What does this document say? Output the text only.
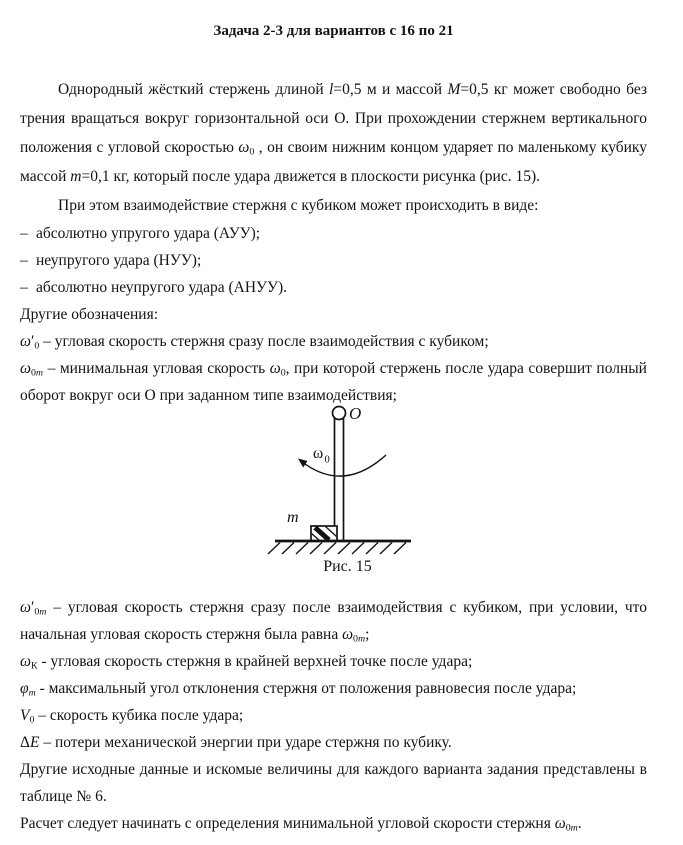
Задача 2-3 для вариантов с 16 по 21

Однородный жёсткий стержень длиной l=0,5 м и массой M=0,5 кг может свободно без трения вращаться вокруг горизонтальной оси О. При прохождении стержнем вертикального положения с угловой скоростью $\omega_0$ , он своим нижним концом ударяет по маленькому кубику массой m=0,1 кг, который после удара движется в плоскости рисунка (рис. 15).

При этом взаимодействие стержня с кубиком может происходить в виде:

– абсолютно упругого удара (АУУ);
– неупругого удара (НУУ);
– абсолютно неупругого удара (АНУУ).

Другие обозначения:

$\omega'_0$ – угловая скорость стержня сразу после взаимодействия с кубиком;

$\omega_{0m}$ – минимальная угловая скорость $\omega_0$, при которой стержень после удара совершит полный оборот вокруг оси О при заданном типе взаимодействия;

O
ω 0
m
Рис. 15

$\omega'_{0m}$ – угловая скорость стержня сразу после взаимодействия с кубиком, при условии, что начальная угловая скорость стержня была равна $\omega_{0m}$;

$\omega_К$ - угловая скорость стержня в крайней верхней точке после удара;

$\varphi_m$ - максимальный угол отклонения стержня от положения равновесия после удара;

$V_0$ – скорость кубика после удара;

ΔE – потери механической энергии при ударе стержня по кубику.

Другие исходные данные и искомые величины для каждого варианта задания представлены в таблице № 6.

Расчет следует начинать с определения минимальной угловой скорости стержня $\omega_{0m}$.
